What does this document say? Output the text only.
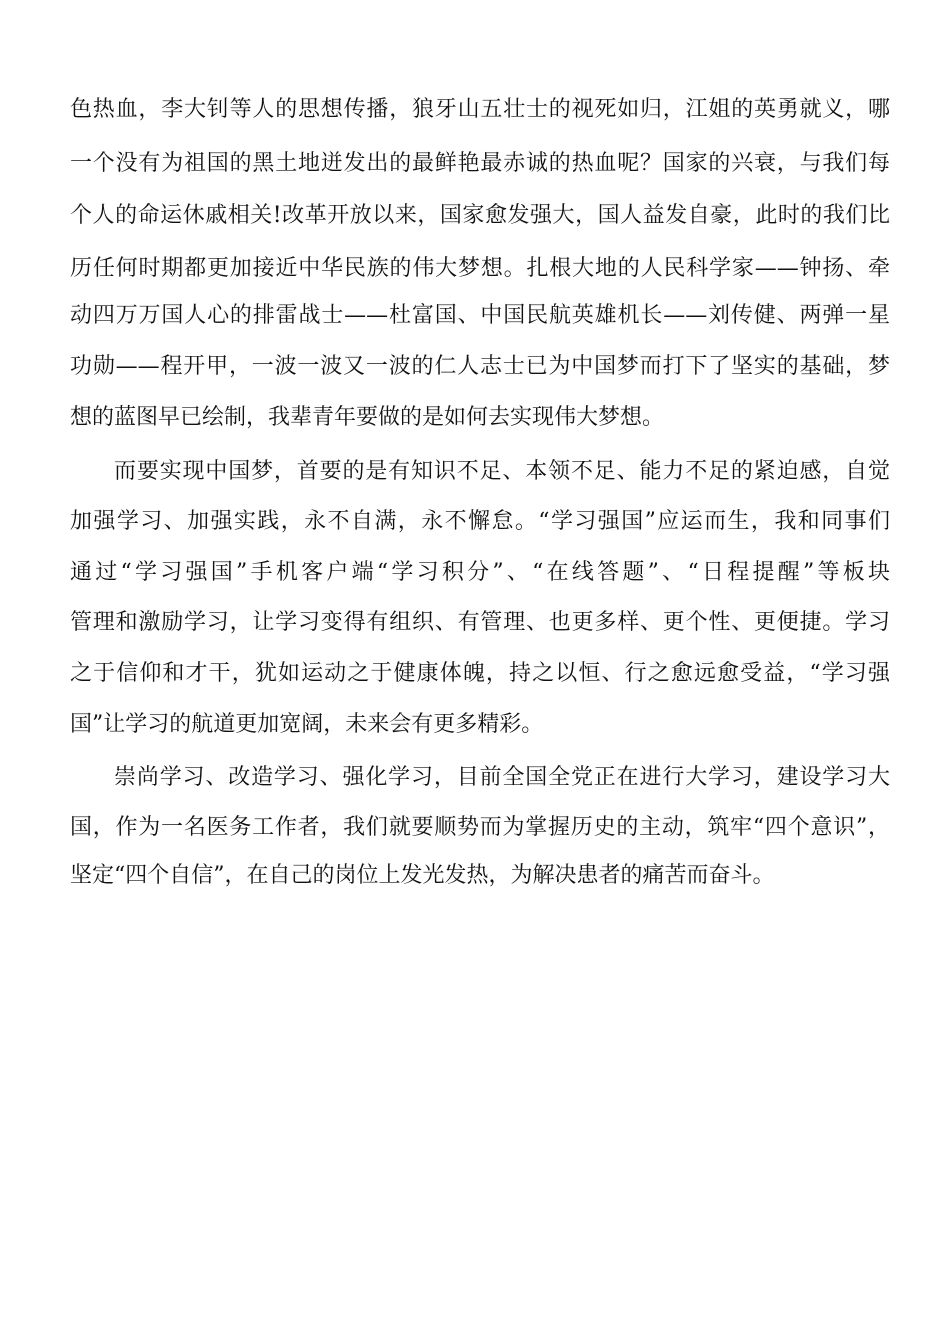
色热血，李大钊等人的思想传播，狼牙山五壮士的视死如归，江姐的英勇就义，哪
一个没有为祖国的黑土地迸发出的最鲜艳最赤诚的热血呢？国家的兴衰，与我们每
个人的命运休戚相关!改革开放以来，国家愈发强大，国人益发自豪，此时的我们比
历任何时期都更加接近中华民族的伟大梦想。扎根大地的人民科学家——钟扬、牵
动四万万国人心的排雷战士——杜富国、中国民航英雄机长——刘传健、两弹一星
功勋——程开甲，一波一波又一波的仁人志士已为中国梦而打下了坚实的基础，梦
想的蓝图早已绘制，我辈青年要做的是如何去实现伟大梦想。
而要实现中国梦，首要的是有知识不足、本领不足、能力不足的紧迫感，自觉
加强学习、加强实践，永不自满，永不懈怠。“学习强国”应运而生，我和同事们
通过“学习强国”手机客户端“学习积分”、“在线答题”、“日程提醒”等板块
管理和激励学习，让学习变得有组织、有管理、也更多样、更个性、更便捷。学习
之于信仰和才干，犹如运动之于健康体魄，持之以恒、行之愈远愈受益，“学习强
国”让学习的航道更加宽阔，未来会有更多精彩。
崇尚学习、改造学习、强化学习，目前全国全党正在进行大学习，建设学习大
国，作为一名医务工作者，我们就要顺势而为掌握历史的主动，筑牢“四个意识”，
坚定“四个自信”，在自己的岗位上发光发热，为解决患者的痛苦而奋斗。
